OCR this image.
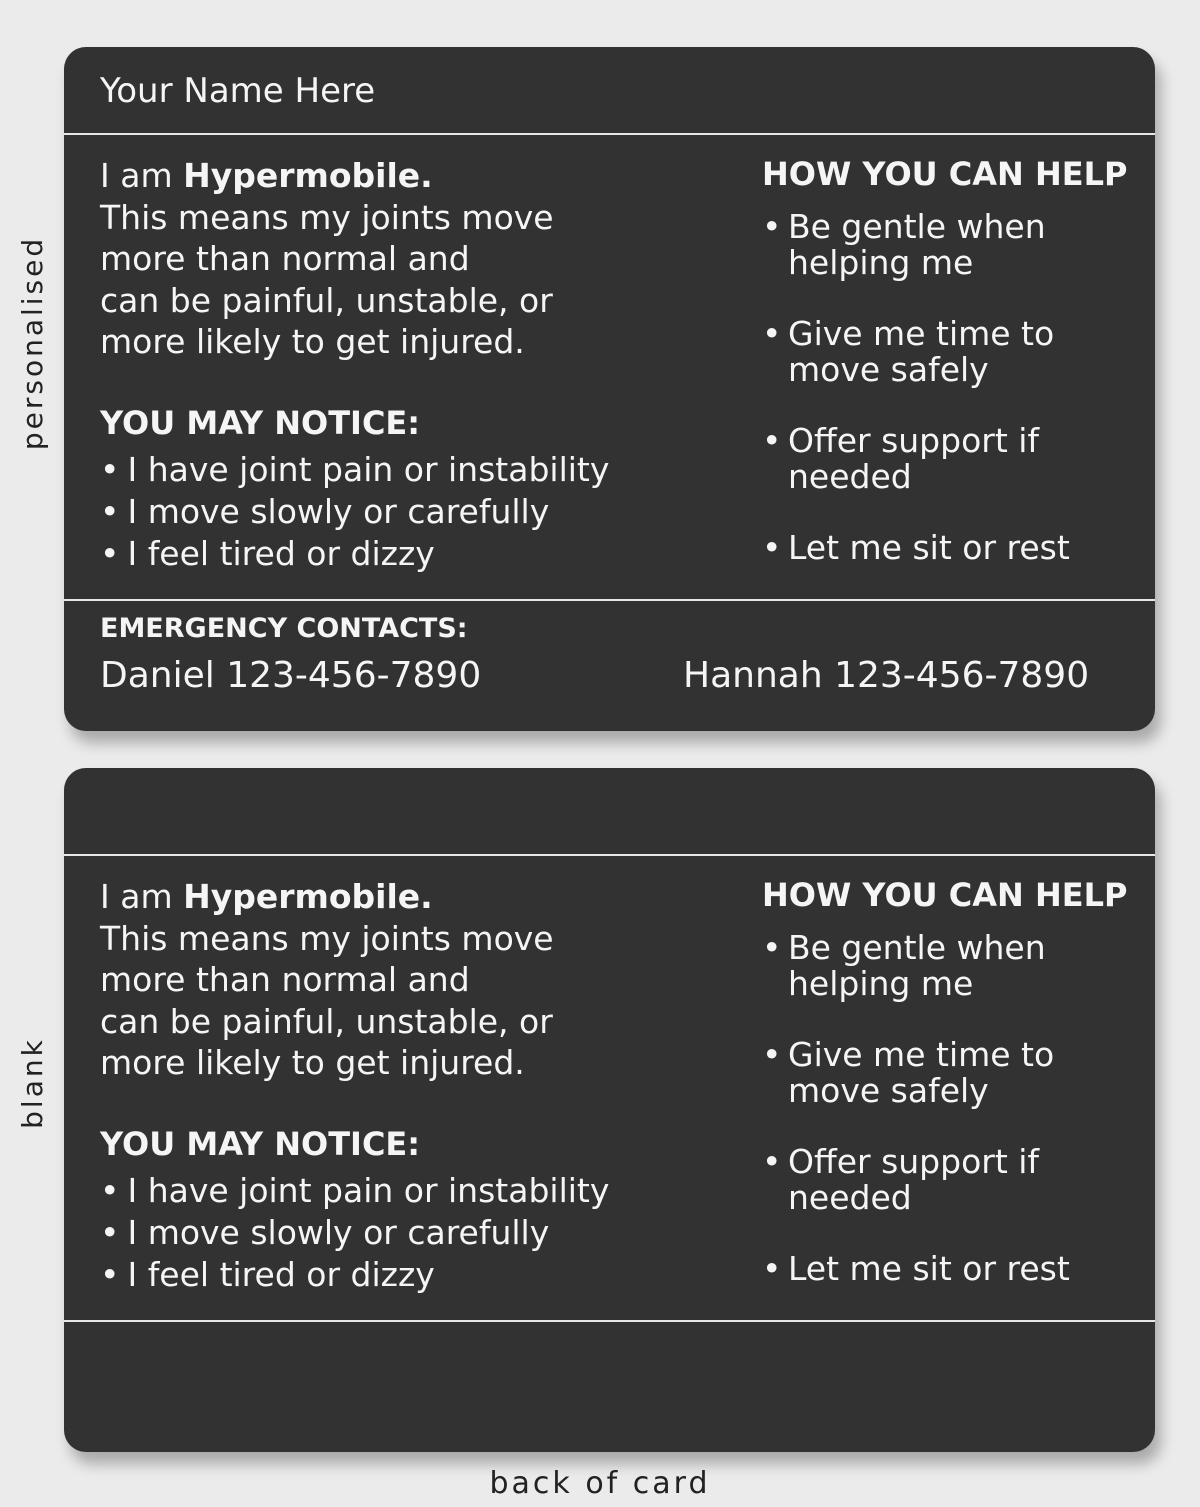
personalised
blank
Your Name Here
I am Hypermobile.
This means my joints move
more than normal and
can be painful, unstable, or
more likely to get injured.
YOU MAY NOTICE:
• I have joint pain or instability
• I move slowly or carefully
• I feel tired or dizzy
HOW YOU CAN HELP
• Be gentle when helping me
• Give me time to move safely
• Offer support if needed
• Let me sit or rest
EMERGENCY CONTACTS:
Daniel 123-456-7890	Hannah 123-456-7890
I am Hypermobile.
This means my joints move
more than normal and
can be painful, unstable, or
more likely to get injured.
YOU MAY NOTICE:
• I have joint pain or instability
• I move slowly or carefully
• I feel tired or dizzy
HOW YOU CAN HELP
• Be gentle when helping me
• Give me time to move safely
• Offer support if needed
• Let me sit or rest
back of card
